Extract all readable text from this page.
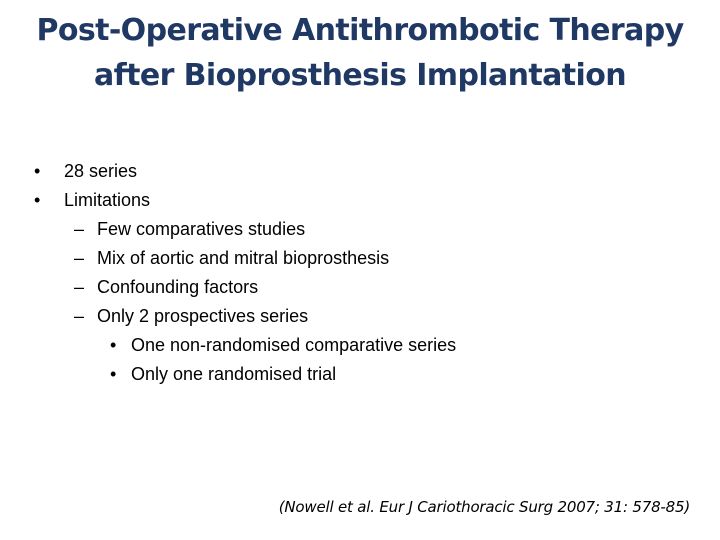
Post-Operative Antithrombotic Therapy
after Bioprosthesis Implantation
• 28 series
• Limitations
– Few comparatives studies
– Mix of aortic and mitral bioprosthesis
– Confounding factors
– Only 2 prospectives series
• One non-randomised comparative series
• Only one randomised trial
(Nowell et al. Eur J Cariothoracic Surg 2007; 31: 578-85)
